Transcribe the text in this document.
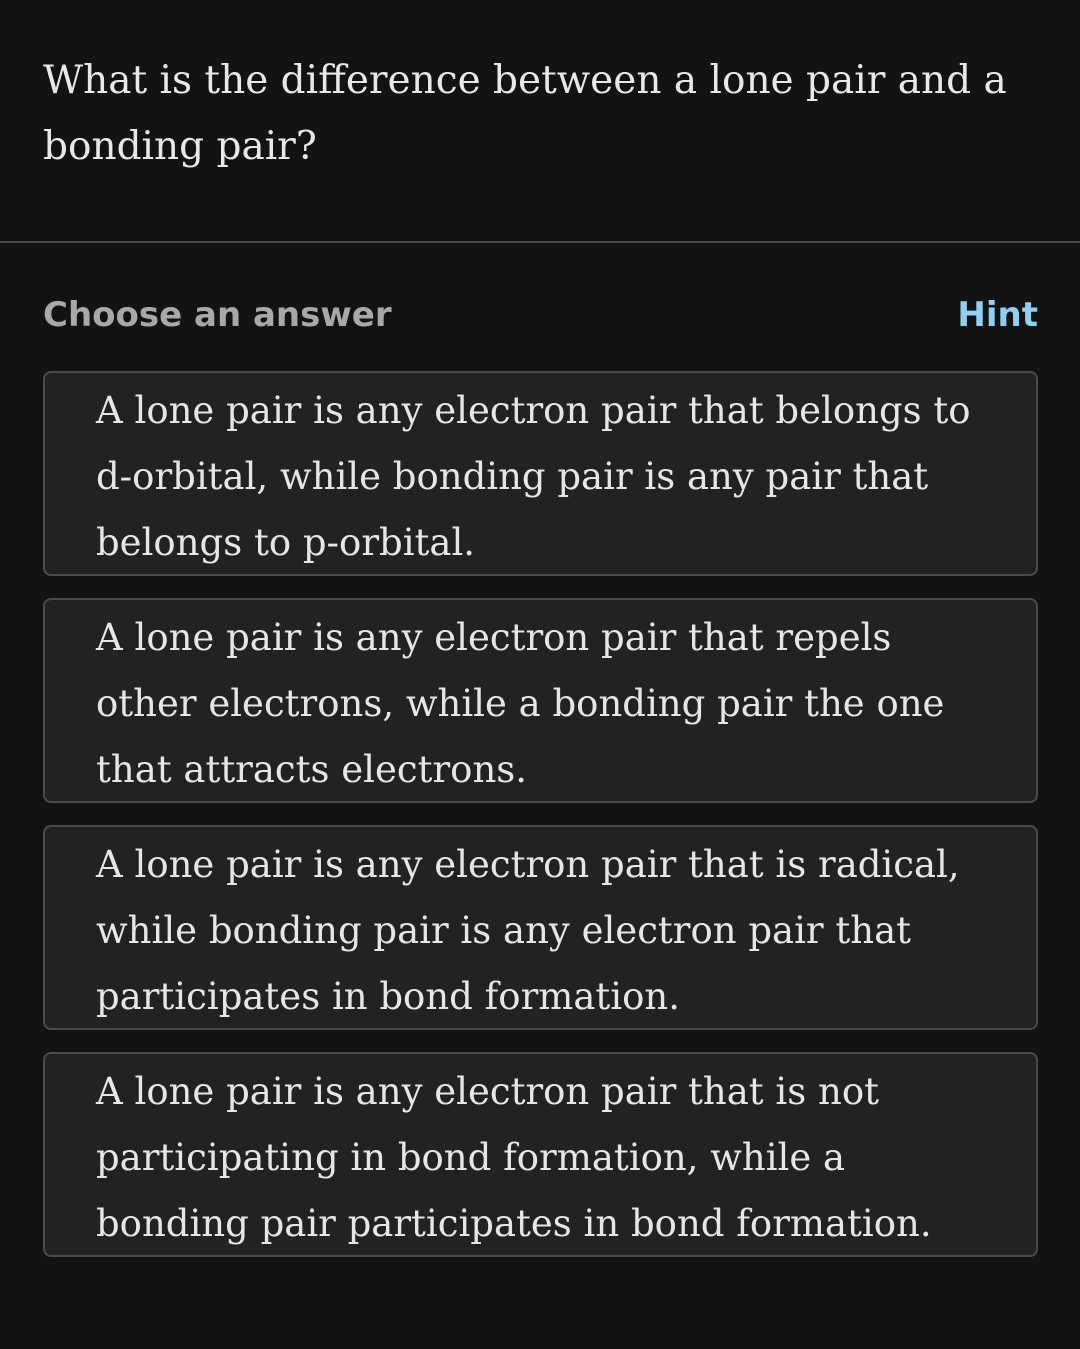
What is the difference between a lone pair and a bonding pair?

Choose an answer	Hint
A lone pair is any electron pair that belongs to d-orbital, while bonding pair is any pair that belongs to p-orbital.
A lone pair is any electron pair that repels other electrons, while a bonding pair the one that attracts electrons.
A lone pair is any electron pair that is radical, while bonding pair is any electron pair that participates in bond formation.
A lone pair is any electron pair that is not participating in bond formation, while a bonding pair participates in bond formation.
